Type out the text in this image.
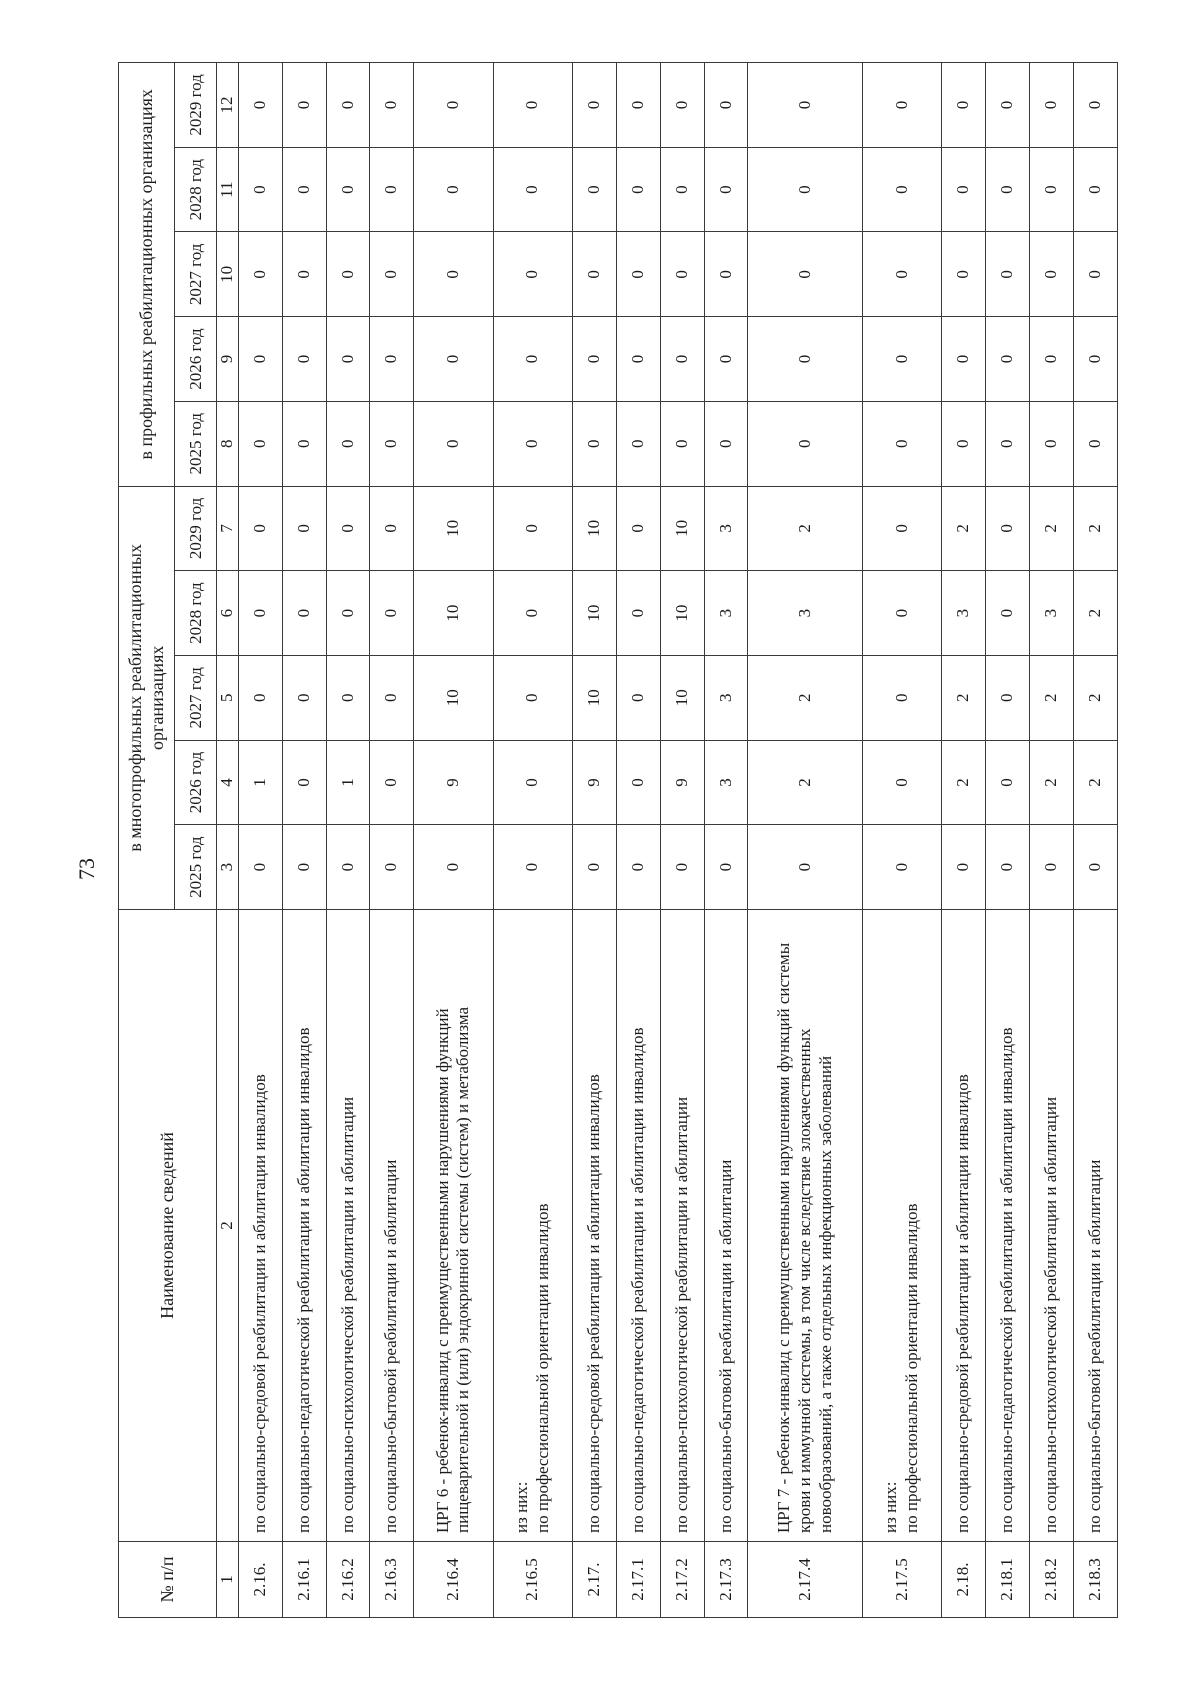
73
№ п/п	Наименование сведений	в многопрофильных реабилитационных организациях					в профильных реабилитационных организациях				
		2025 год	2026 год	2027 год	2028 год	2029 год	2025 год	2026 год	2027 год	2028 год	2029 год
1	2	3	4	5	6	7	8	9	10	11	12
2.16.	по социально-средовой реабилитации и абилитации инвалидов	0	1	0	0	0	0	0	0	0	0
2.16.1	по социально-педагогической реабилитации и абилитации инвалидов	0	0	0	0	0	0	0	0	0	0
2.16.2	по социально-психологической реабилитации и абилитации	0	1	0	0	0	0	0	0	0	0
2.16.3	по социально-бытовой реабилитации и абилитации	0	0	0	0	0	0	0	0	0	0
2.16.4	ЦРГ 6 - ребенок-инвалид с преимущественными нарушениями функций пищеварительной и (или) эндокринной системы (систем) и метаболизма	0	9	10	10	10	0	0	0	0	0
2.16.5	из них: по профессиональной ориентации инвалидов	0	0	0	0	0	0	0	0	0	0
2.17.	по социально-средовой реабилитации и абилитации инвалидов	0	9	10	10	10	0	0	0	0	0
2.17.1	по социально-педагогической реабилитации и абилитации инвалидов	0	0	0	0	0	0	0	0	0	0
2.17.2	по социально-психологической реабилитации и абилитации	0	9	10	10	10	0	0	0	0	0
2.17.3	по социально-бытовой реабилитации и абилитации	0	3	3	3	3	0	0	0	0	0
2.17.4	ЦРГ 7 - ребенок-инвалид с преимущественными нарушениями функций системы крови и иммунной системы, в том числе вследствие злокачественных новообразований, а также отдельных инфекционных заболеваний	0	2	2	3	2	0	0	0	0	0
2.17.5	из них: по профессиональной ориентации инвалидов	0	0	0	0	0	0	0	0	0	0
2.18.	по социально-средовой реабилитации и абилитации инвалидов	0	2	2	3	2	0	0	0	0	0
2.18.1	по социально-педагогической реабилитации и абилитации инвалидов	0	0	0	0	0	0	0	0	0	0
2.18.2	по социально-психологической реабилитации и абилитации	0	2	2	3	2	0	0	0	0	0
2.18.3	по социально-бытовой реабилитации и абилитации	0	2	2	2	2	0	0	0	0	0
